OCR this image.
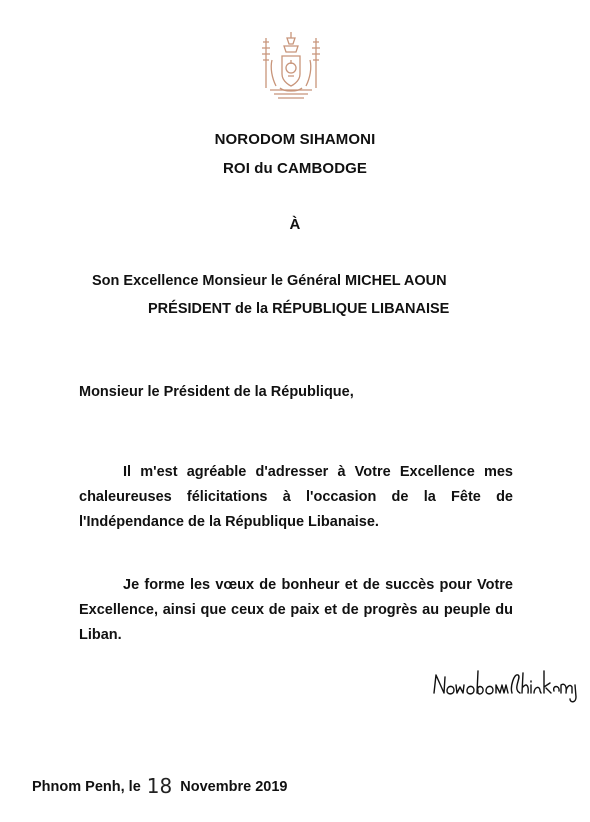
NORODOM SIHAMONI
ROI du CAMBODGE
À
Son Excellence Monsieur le Général MICHEL AOUN
PRÉSIDENT de la RÉPUBLIQUE LIBANAISE
Monsieur le Président de la République,
Il m'est agréable d'adresser à Votre Excellence mes chaleureuses félicitations à l'occasion de la Fête de l'Indépendance de la République Libanaise.
Je forme les vœux de bonheur et de succès pour Votre Excellence, ainsi que ceux de paix et de progrès au peuple du Liban.
Phnom Penh, le 18 Novembre 2019
